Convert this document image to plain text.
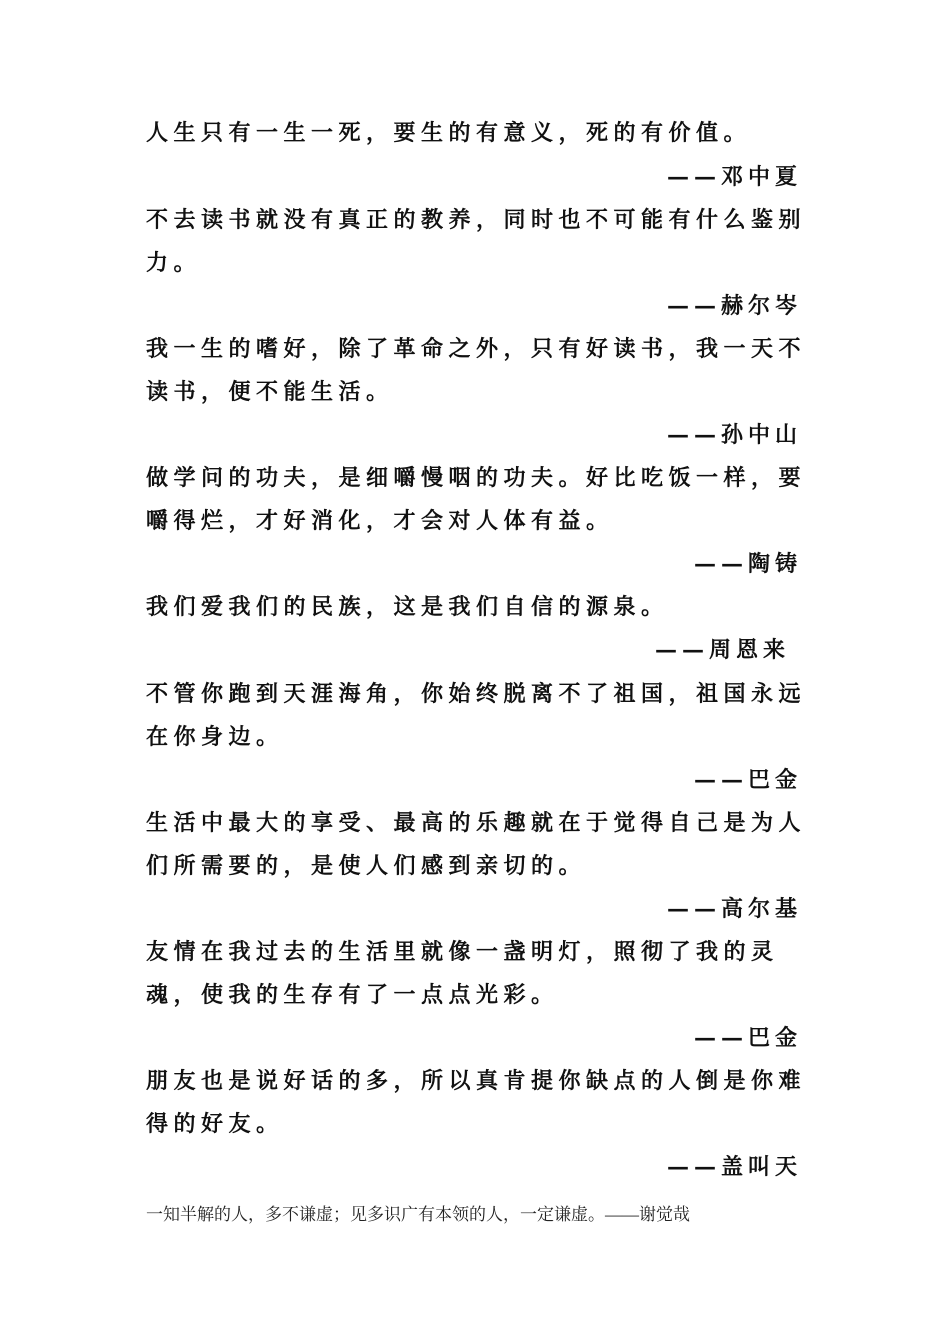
人生只有一生一死，要生的有意义，死的有价值。

——邓中夏

不去读书就没有真正的教养，同时也不可能有什么鉴别力。

——赫尔岑

我一生的嗜好，除了革命之外，只有好读书，我一天不读书，便不能生活。

——孙中山

做学问的功夫，是细嚼慢咽的功夫。好比吃饭一样，要嚼得烂，才好消化，才会对人体有益。

——陶铸

我们爱我们的民族，这是我们自信的源泉。

——周恩来

不管你跑到天涯海角，你始终脱离不了祖国，祖国永远在你身边。

——巴金

生活中最大的享受、最高的乐趣就在于觉得自己是为人们所需要的，是使人们感到亲切的。

——高尔基

友情在我过去的生活里就像一盏明灯，照彻了我的灵魂，使我的生存有了一点点光彩。

——巴金

朋友也是说好话的多，所以真肯提你缺点的人倒是你难得的好友。

——盖叫天

一知半解的人，多不谦虚；见多识广有本领的人，一定谦虚。——谢觉哉
